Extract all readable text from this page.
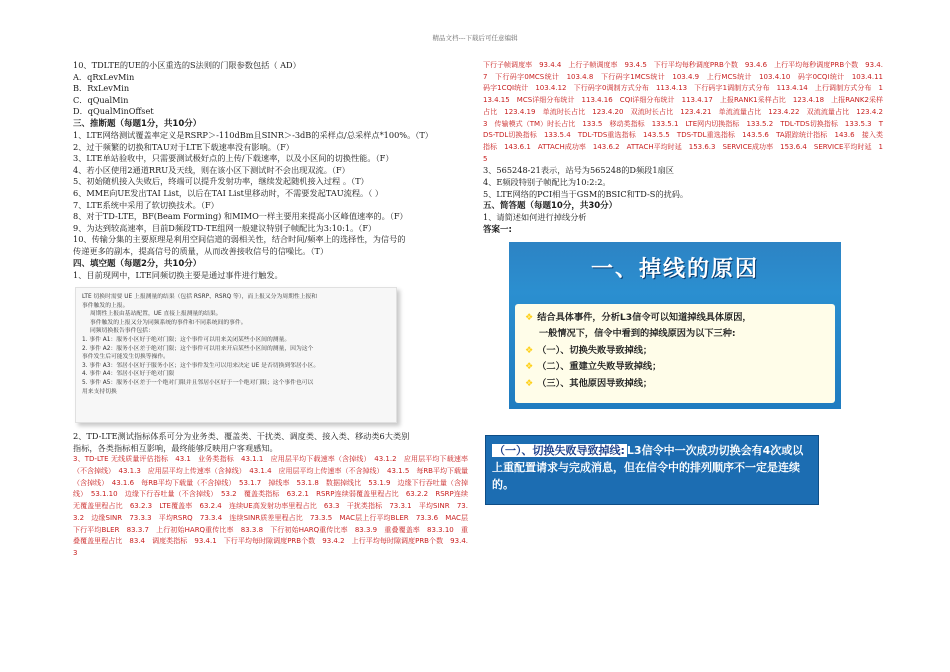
精品文档---下载后可任意编辑
10、TDLTE的UE的小区重选的S法则的门限参数包括（ AD）
A．qRxLevMin
B．RxLevMin
C．qQualMin
D．qQualMinOffset
三、推断题（每题1分，共10分）
1、LTE网络测试覆盖率定义是RSRP＞-110dBm且SINR＞-3dB的采样点/总采样点*100%。（T）
2、过于频繁的切换和TAU对于LTE下载速率没有影响。（F）
3、LTE单站验收中，只需要测试极好点的上传/下载速率，以及小区间的切换性能。（F）
4、若小区使用2通道RRU及天线，则在该小区下测试时不会出现双流。（F）
5、初始随机接入失败后，终端可以提升发射功率，继续发起随机接入过程 。（T）
6、MME向UE发出TAI List，以后在TAI List里移动时，不需要发起TAU流程。（ ）
7、LTE系统中采用了软切换技术。（F）
8、对于TD-LTE，BF(Beam Forming) 和MIMO一样主要用来提高小区峰值速率的。（F）
9、为达到较高速率，目前D频段TD-TE组网一般建议特别子帧配比为3:10:1。（F）
10、传输分集的主要原理是利用空间信道的弱相关性，结合时间/频率上的选择性，为信号的
传递更多的副本，提高信号的质量，从而改善接收信号的信噪比。（T）
四、填空题（每题2分，共10分）
1、目前现网中，LTE同频切换主要是通过事件进行触发。
LTE 切换时需要 UE 上报测量的结果（包括 RSRP、RSRQ 等），而上报又分为周期性上报和
事件触发的上报。
周期性上报由基站配置，UE 直接上报测量的结果。
事件触发的上报又分为同频系统的事件和不同系统间的事件。
同频切换报告事件包括：
1. 事件 A1：服务小区好于绝对门限；这个事件可以用来关闭某些小区间的测量。
2. 事件 A2：服务小区差于绝对门限；这个事件可以用来开启某些小区间的测量，因为这个
事件发生后可能发生切换等操作。
3. 事件 A3：邻居小区好于服务小区；这个事件发生可以用来决定 UE 是否切换到邻居小区。
4. 事件 A4：邻居小区好于绝对门限
5. 事件 A5：服务小区差于一个绝对门限并且邻居小区好于一个绝对门限；这个事件也可以
用来支持切换
2、TD-LTE测试指标体系可分为业务类、覆盖类、干扰类、调度类、接入类、移动类6大类别
指标，各类指标相互影响，最终能够反映用户客观感知。
3、TD-LTE 无线质量评估指标　43.1　业务类指标　43.1.1　应用层平均下载速率（含掉线）　43.1.2　应用层平均下载速率（不含掉线）　43.1.3　应用层平均上传速率（含掉线）　43.1.4　应用层平均上传速率（不含掉线）　43.1.5　每RB平均下载量（含掉线）　43.1.6　每RB平均下载量（不含掉线）　53.1.7　掉线率　53.1.8　数据掉线比　53.1.9　边缘下行吞吐量（含掉线）　53.1.10　边缘下行吞吐量（不含掉线）　53.2　覆盖类指标　63.2.1　RSRP连续弱覆盖里程占比　63.2.2　RSRP连续无覆盖里程占比　63.2.3　LTE覆盖率　63.2.4　连续UE高发射功率里程占比　63.3　干扰类指标　73.3.1　平均SINR　73.3.2　边缘SINR　73.3.3　平均RSRQ　73.3.4　连续SINR质差里程占比　73.3.5　MAC层上行平均BLER　73.3.6　MAC层下行平均BLER　83.3.7　上行初始HARQ重传比率　83.3.8　下行初始HARQ重传比率　83.3.9　重叠覆盖率　83.3.10　重叠覆盖里程占比　83.4　调度类指标　93.4.1　下行平均每时隙调度PRB个数　93.4.2　上行平均每时隙调度PRB个数　93.4.3
下行子帧调度率　93.4.4　上行子帧调度率　93.4.5　下行平均每秒调度PRB个数　93.4.6　上行平均每秒调度PRB个数　93.4.7　下行码字0MCS统计　103.4.8　下行码字1MCS统计　103.4.9　上行MCS统计　103.4.10　码字0CQI统计　103.4.11　码字1CQI统计　103.4.12　下行码字0调制方式分布　113.4.13　下行码字1调制方式分布　113.4.14　上行调制方式分布　113.4.15　MCS详细分布统计　113.4.16　CQI详细分布统计　113.4.17　上报RANK1采样占比　123.4.18　上报RANK2采样占比　123.4.19　单流时长占比　123.4.20　双流时长占比　123.4.21　单流流量占比　123.4.22　双流流量占比　123.4.23　传输模式（TM）时长占比　133.5　移动类指标　133.5.1　LTE网内切换指标　133.5.2　TDL-TDS切换指标　133.5.3　TDS-TDL切换指标　133.5.4　TDL-TDS重选指标　143.5.5　TDS-TDL重选指标　143.5.6　TA跟踪统计指标　143.6　接入类指标　143.6.1　ATTACH成功率　143.6.2　ATTACH平均时延　153.6.3　SERVICE成功率　153.6.4　SERVICE平均时延　15
3、565248-21表示，站号为565248的D频段1扇区
4、E频段特别子帧配比为10:2:2。
5、LTE网络的PCI相当于GSM的BSIC和TD-S的扰码。
五、简答题（每题10分，共30分）
1、请简述如何进行掉线分析
答案一:
一、掉线的原因
❖ 结合具体事件，分析L3信令可以知道掉线具体原因，
一般情况下，信令中看到的掉线原因为以下三种:
❖ （一）、切换失败导致掉线；
❖ （二）、重建立失败导致掉线；
❖ （三）、其他原因导致掉线；
（一）、切换失败导致掉线: L3信令中一次成功切换会有4次或以上重配置请求与完成消息，但在信令中的排列顺序不一定是连续的。
